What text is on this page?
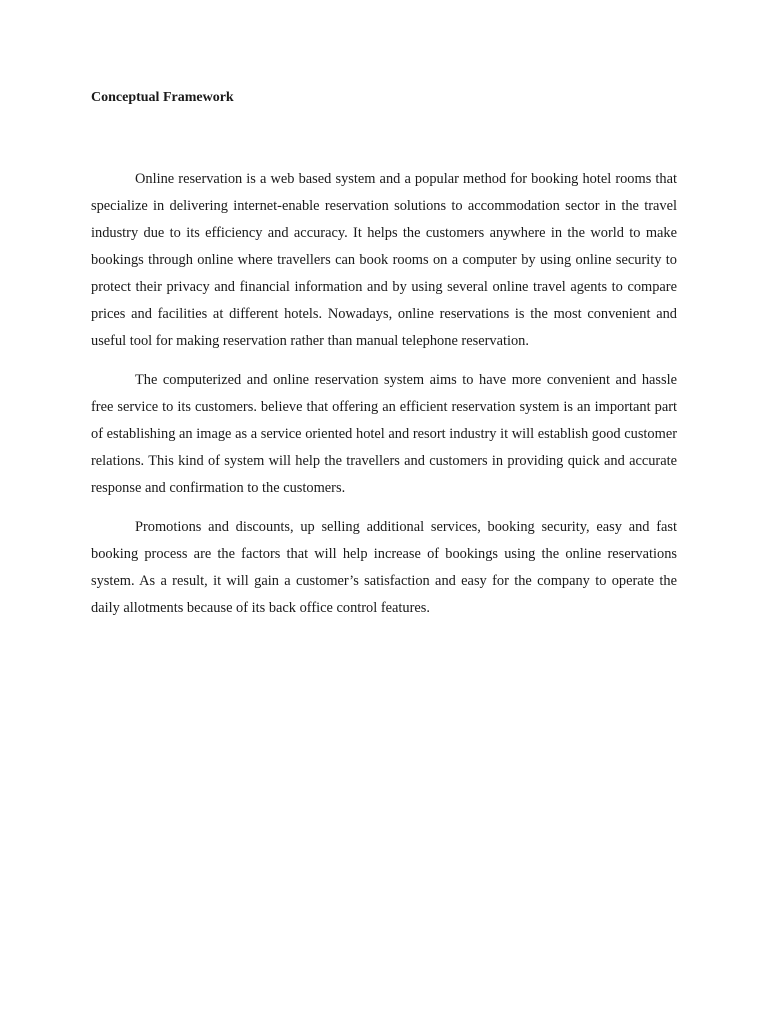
Conceptual Framework

Online reservation is a web based system and a popular method for booking hotel rooms that specialize in delivering internet-enable reservation solutions to accommodation sector in the travel industry due to its efficiency and accuracy. It helps the customers anywhere in the world to make bookings through online where travellers can book rooms on a computer by using online security to protect their privacy and financial information and by using several online travel agents to compare prices and facilities at different hotels. Nowadays, online reservations is the most convenient and useful tool for making reservation rather than manual telephone reservation.

The computerized and online reservation system aims to have more convenient and hassle free service to its customers. believe that offering an efficient reservation system is an important part of establishing an image as a service oriented hotel and resort industry it will establish good customer relations. This kind of system will help the travellers and customers in providing quick and accurate response and confirmation to the customers.

Promotions and discounts, up selling additional services, booking security, easy and fast booking process are the factors that will help increase of bookings using the online reservations system. As a result, it will gain a customer’s satisfaction and easy for the company to operate the daily allotments because of its back office control features.
